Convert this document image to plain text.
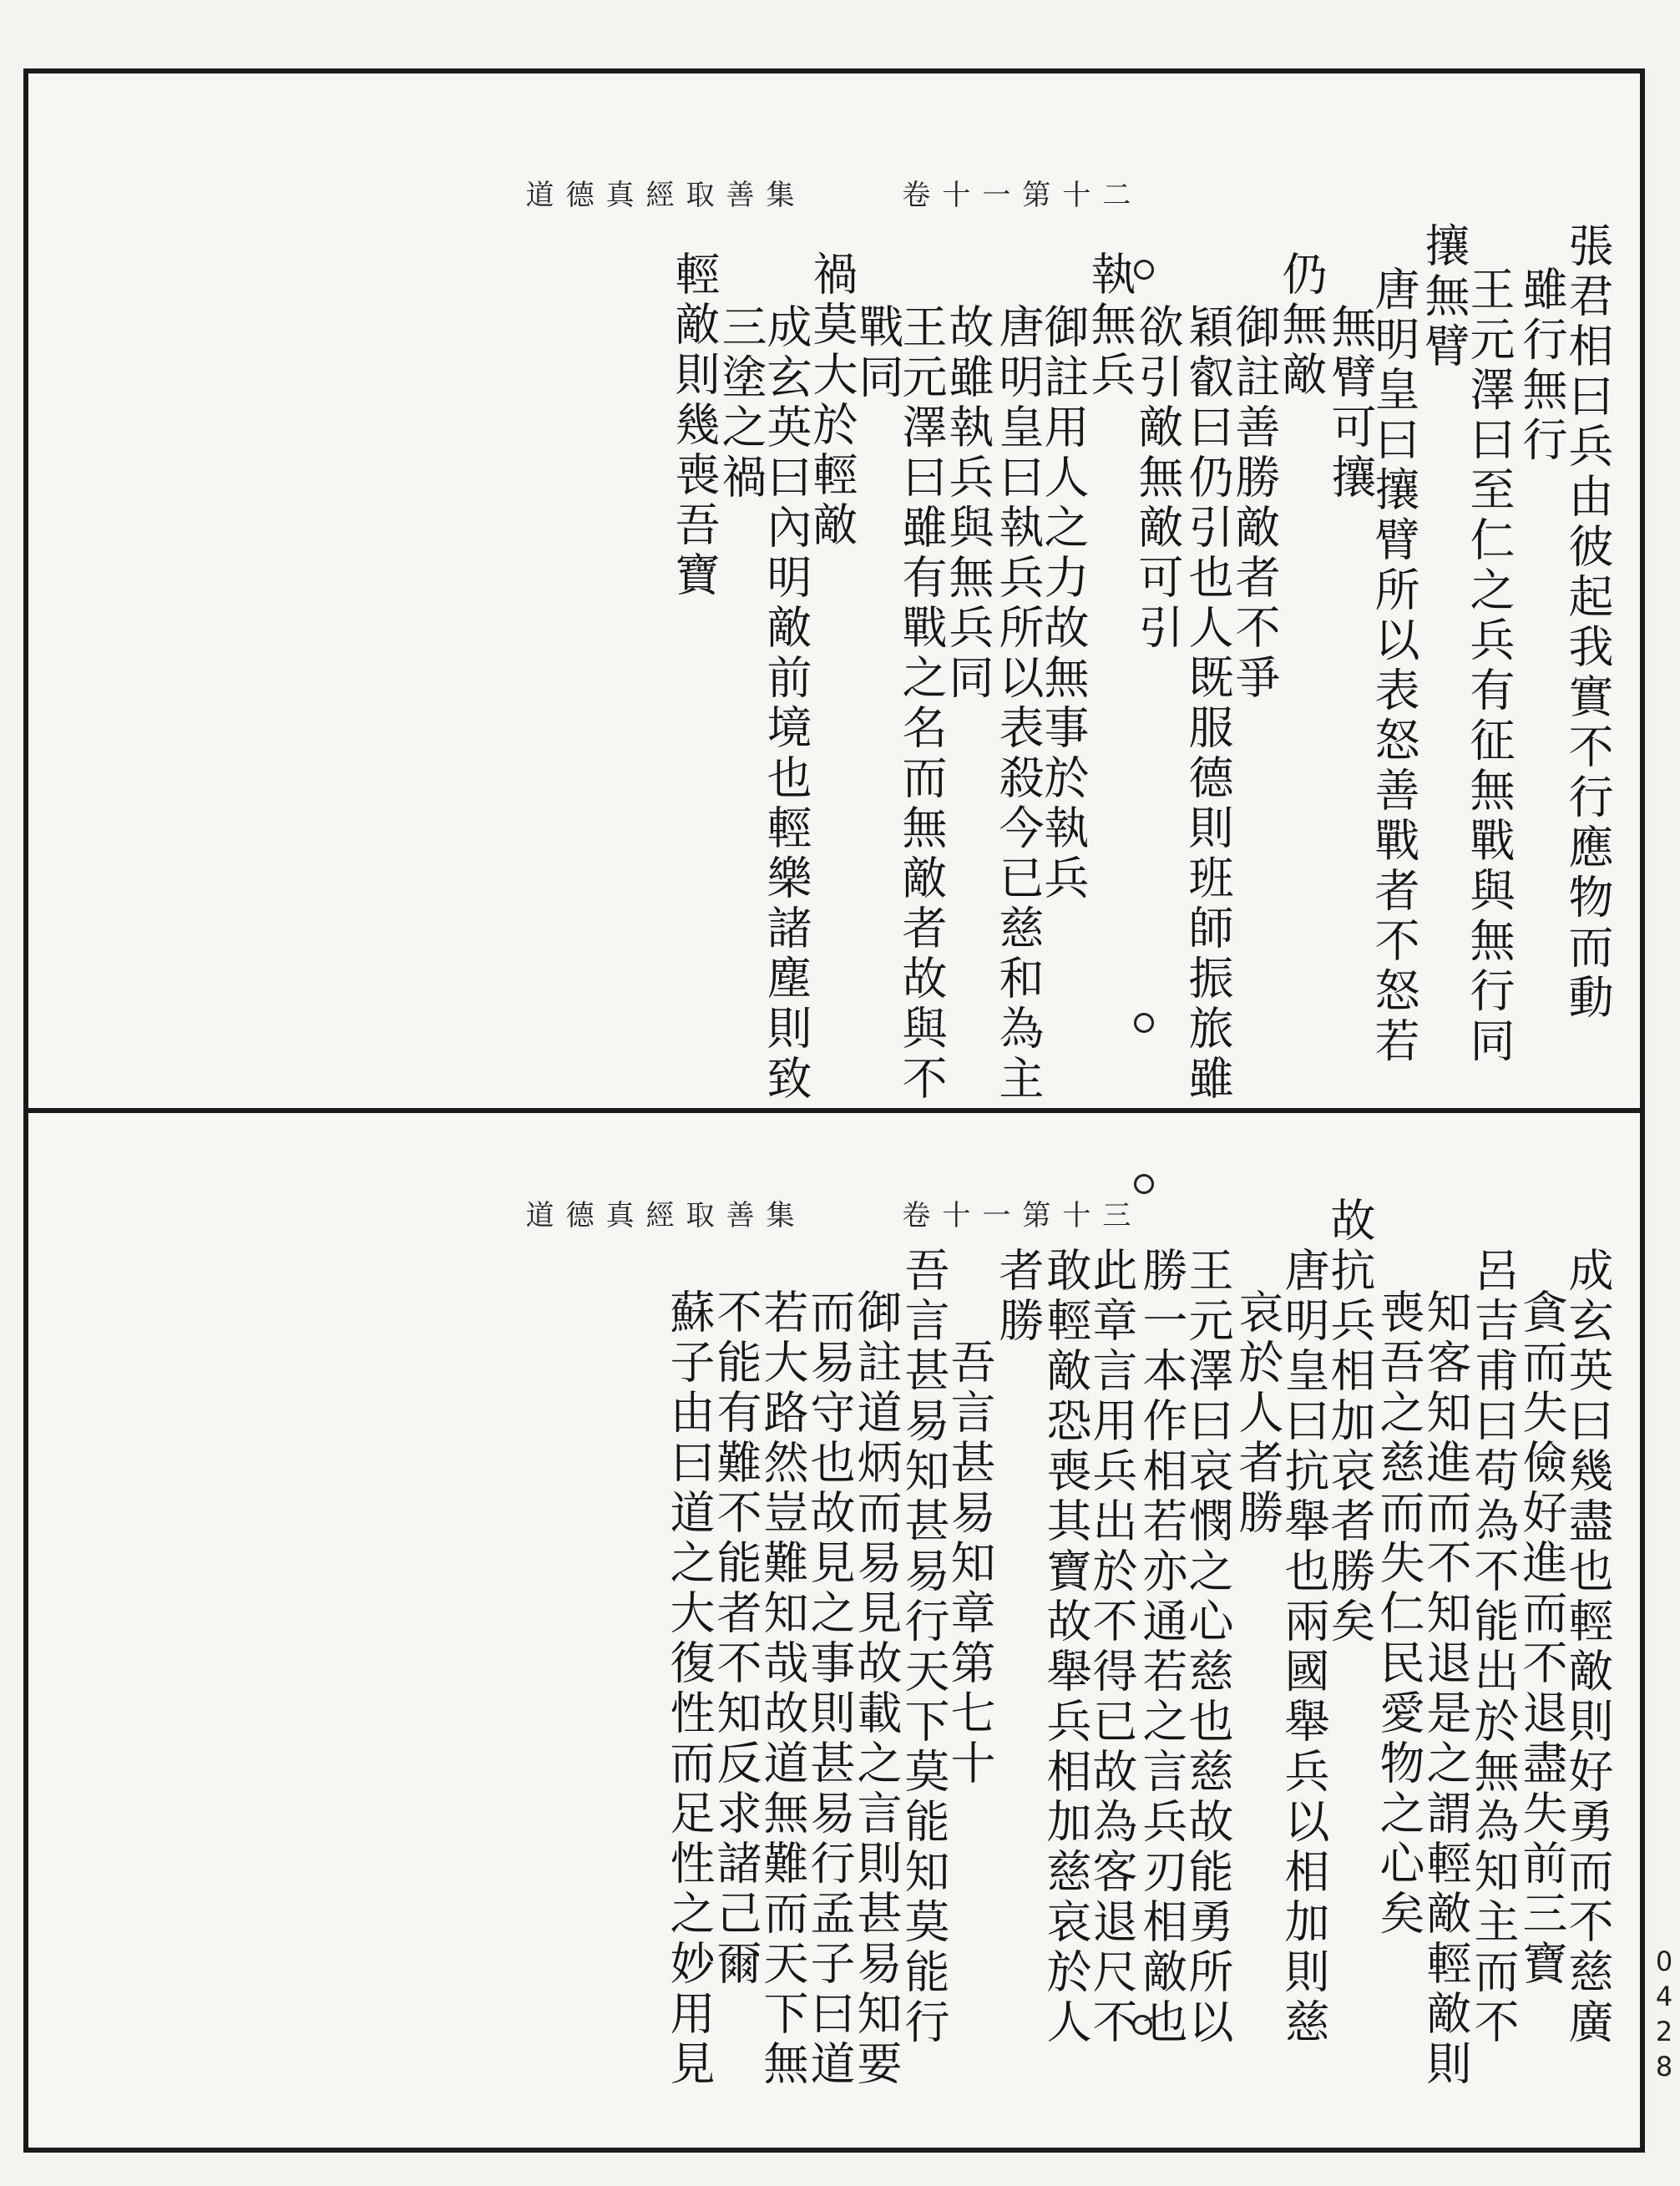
道德真經取善集	卷十一第十二
張君相曰兵由彼起我實不行應物而動
雖行無行
王元澤曰至仁之兵有征無戰與無行同
攘無臂
唐明皇曰攘臂所以表怒善戰者不怒若
無臂可攘
仍無敵
御註善勝敵者不爭
穎叡曰仍引也人既服德則班師振旅雖
欲引敵無敵可引
執無兵
御註用人之力故無事於執兵
唐明皇曰執兵所以表殺今已慈和為主
故雖執兵與無兵同
王元澤曰雖有戰之名而無敵者故與不
戰同
禍莫大於輕敵
成玄英曰內明敵前境也輕樂諸塵則致
三塗之禍
輕敵則幾喪吾寶
道德真經取善集	卷十一第十三
成玄英曰幾盡也輕敵則好勇而不慈廣
貪而失儉好進而不退盡失前三寶
呂吉甫曰苟為不能出於無為知主而不
知客知進而不知退是之謂輕敵輕敵則
喪吾之慈而失仁民愛物之心矣
故抗兵相加哀者勝矣
唐明皇曰抗舉也兩國舉兵以相加則慈
哀於人者勝
王元澤曰哀憫之心慈也慈故能勇所以
勝一本作相若亦通若之言兵刃相敵也
此章言用兵出於不得已故為客退尺不
敢輕敵恐喪其寶故舉兵相加慈哀於人
者勝
吾言甚易知章第七十
吾言甚易知甚易行天下莫能知莫能行
御註道炳而易見故載之言則甚易知要
而易守也故見之事則甚易行孟子曰道
若大路然豈難知哉故道無難而天下無
不能有難不能者不知反求諸己爾
蘇子由曰道之大復性而足性之妙用見	0428
